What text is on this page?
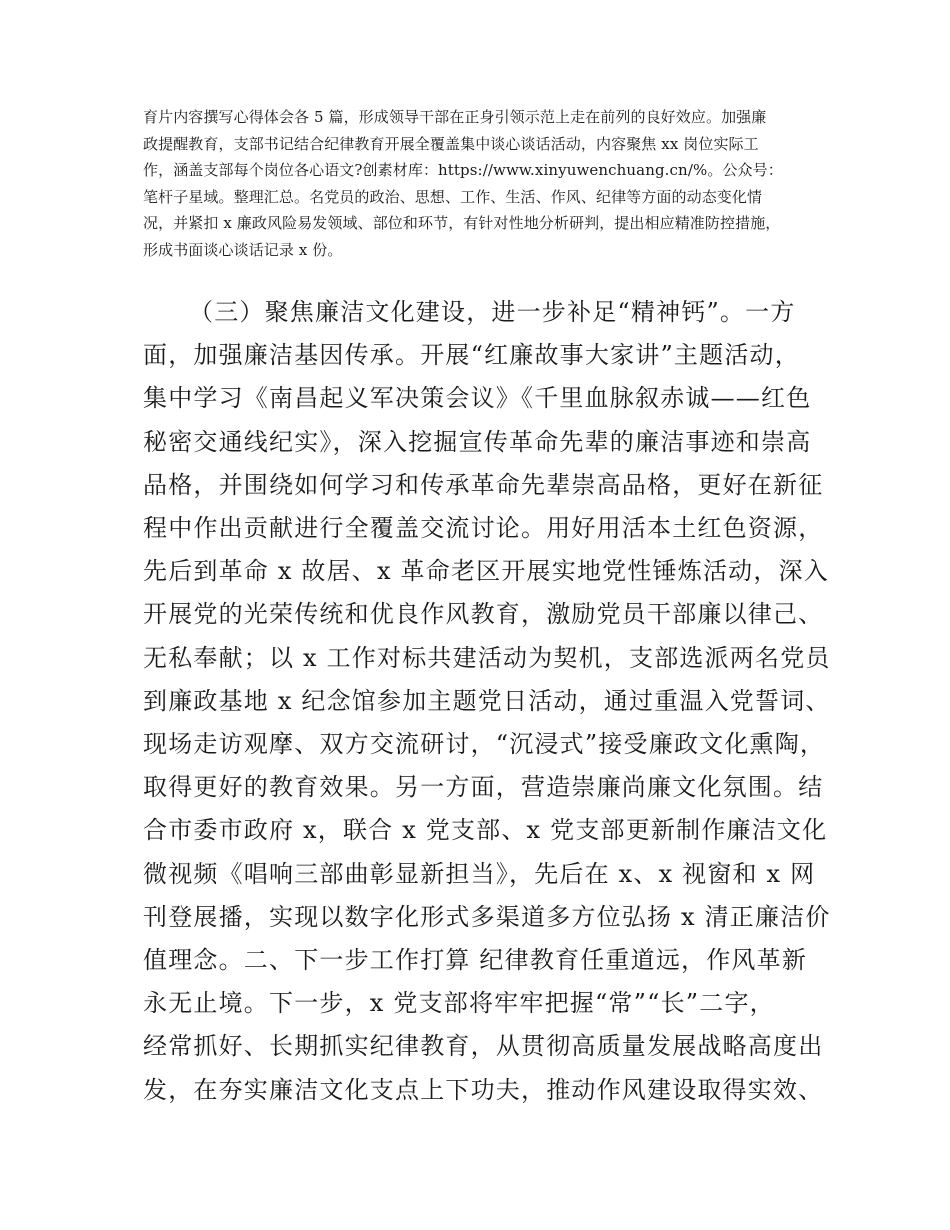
育片内容撰写心得体会各 5 篇，形成领导干部在正身引领示范上走在前列的良好效应。加强廉
政提醒教育，支部书记结合纪律教育开展全覆盖集中谈心谈话活动，内容聚焦 xx 岗位实际工
作，涵盖支部每个岗位各心语文?创素材库：https://www.xinyuwenchuang.cn/%。公众号：
笔杆子星域。整理汇总。名党员的政治、思想、工作、生活、作风、纪律等方面的动态变化情
况，并紧扣 x 廉政风险易发领域、部位和环节，有针对性地分析研判，提出相应精准防控措施，
形成书面谈心谈话记录 x 份。
（三）聚焦廉洁文化建设，进一步补足“精神钙”。一方
面，加强廉洁基因传承。开展“红廉故事大家讲”主题活动，
集中学习《南昌起义军决策会议》《千里血脉叙赤诚——红色
秘密交通线纪实》，深入挖掘宣传革命先辈的廉洁事迹和崇高
品格，并围绕如何学习和传承革命先辈崇高品格，更好在新征
程中作出贡献进行全覆盖交流讨论。用好用活本土红色资源，
先后到革命 x 故居、x 革命老区开展实地党性锤炼活动，深入
开展党的光荣传统和优良作风教育，激励党员干部廉以律己、
无私奉献；以 x 工作对标共建活动为契机，支部选派两名党员
到廉政基地 x 纪念馆参加主题党日活动，通过重温入党誓词、
现场走访观摩、双方交流研讨，“沉浸式”接受廉政文化熏陶，
取得更好的教育效果。另一方面，营造崇廉尚廉文化氛围。结
合市委市政府 x，联合 x 党支部、x 党支部更新制作廉洁文化
微视频《唱响三部曲彰显新担当》，先后在 x、x 视窗和 x 网
刊登展播，实现以数字化形式多渠道多方位弘扬 x 清正廉洁价
值理念。二、下一步工作打算 纪律教育任重道远，作风革新
永无止境。下一步，x 党支部将牢牢把握“常”“长”二字，
经常抓好、长期抓实纪律教育，从贯彻高质量发展战略高度出
发，在夯实廉洁文化支点上下功夫，推动作风建设取得实效、
